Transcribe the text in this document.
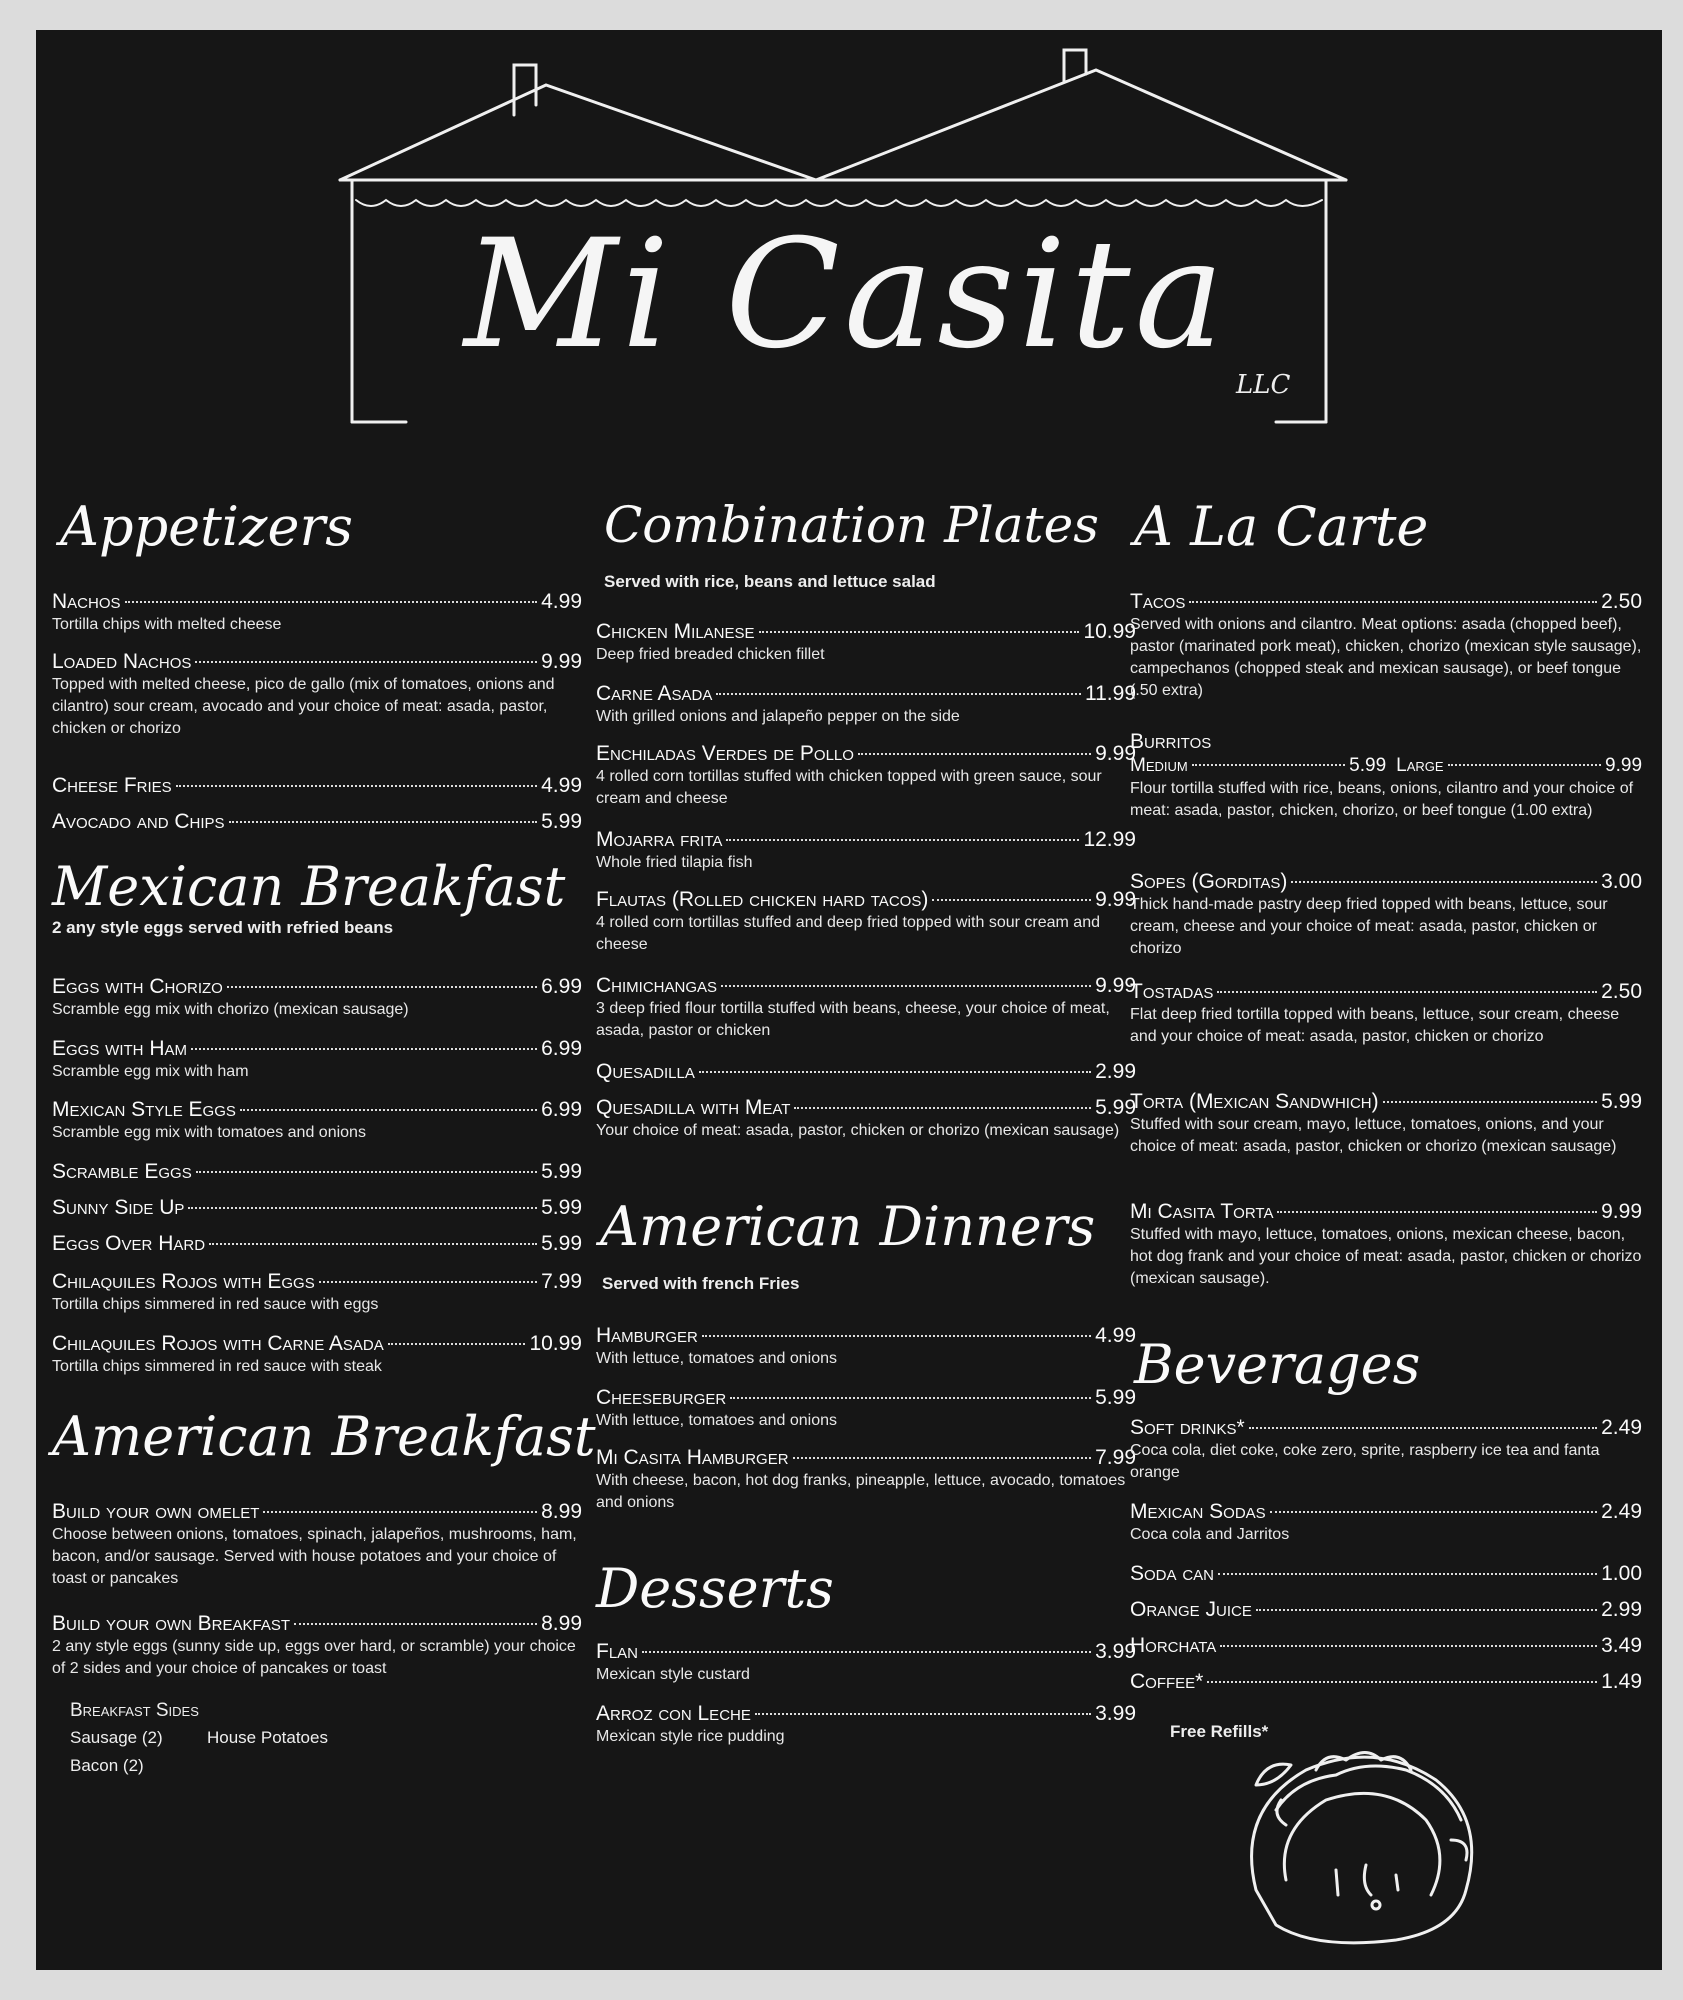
Mi Casita
LLC
Appetizers
Nachos	4.99
Tortilla chips with melted cheese
Loaded Nachos	9.99
Topped with melted cheese, pico de gallo (mix of tomatoes, onions and cilantro) sour cream, avocado and your choice of meat: asada, pastor, chicken or chorizo
Cheese Fries	4.99
Avocado and Chips	5.99
Mexican Breakfast
2 any style eggs served with refried beans
Eggs with Chorizo	6.99
Scramble egg mix with chorizo (mexican sausage)
Eggs with Ham	6.99
Scramble egg mix with ham
Mexican Style Eggs	6.99
Scramble egg mix with tomatoes and onions
Scramble Eggs	5.99
Sunny Side Up	5.99
Eggs Over Hard	5.99
Chilaquiles Rojos with Eggs	7.99
Tortilla chips simmered in red sauce with eggs
Chilaquiles Rojos with Carne Asada	10.99
Tortilla chips simmered in red sauce with steak
American Breakfast
Build your own omelet	8.99
Choose between onions, tomatoes, spinach, jalapeños, mushrooms, ham, bacon, and/or sausage. Served with house potatoes and your choice of toast or pancakes
Build your own Breakfast	8.99
2 any style eggs (sunny side up, eggs over hard, or scramble) your choice of 2 sides and your choice of pancakes or toast
Breakfast Sides
Sausage (2)	House Potatoes
Bacon (2)
Combination Plates
Served with rice, beans and lettuce salad
Chicken Milanese	10.99
Deep fried breaded chicken fillet
Carne Asada	11.99
With grilled onions and jalapeño pepper on the side
Enchiladas Verdes de Pollo	9.99
4 rolled corn tortillas stuffed with chicken topped with green sauce, sour cream and cheese
Mojarra frita	12.99
Whole fried tilapia fish
Flautas (Rolled chicken hard tacos)	9.99
4 rolled corn tortillas stuffed and deep fried topped with sour cream and cheese
Chimichangas	9.99
3 deep fried flour tortilla stuffed with beans, cheese, your choice of meat, asada, pastor or chicken
Quesadilla	2.99
Quesadilla with Meat	5.99
Your choice of meat: asada, pastor, chicken or chorizo (mexican sausage)
American Dinners
Served with french Fries
Hamburger	4.99
With lettuce, tomatoes and onions
Cheeseburger	5.99
With lettuce, tomatoes and onions
Mi Casita Hamburger	7.99
With cheese, bacon, hot dog franks, pineapple, lettuce, avocado, tomatoes and onions
Desserts
Flan	3.99
Mexican style custard
Arroz con Leche	3.99
Mexican style rice pudding
A La Carte
Tacos	2.50
Served with onions and cilantro. Meat options: asada (chopped beef), pastor (marinated pork meat), chicken, chorizo (mexican style sausage), campechanos (chopped steak and mexican sausage), or beef tongue (.50 extra)
Burritos
Medium	5.99 Large	9.99
Flour tortilla stuffed with rice, beans, onions, cilantro and your choice of meat: asada, pastor, chicken, chorizo, or beef tongue (1.00 extra)
Sopes (Gorditas)	3.00
Thick hand-made pastry deep fried topped with beans, lettuce, sour cream, cheese and your choice of meat: asada, pastor, chicken or chorizo
Tostadas	2.50
Flat deep fried tortilla topped with beans, lettuce, sour cream, cheese and your choice of meat: asada, pastor, chicken or chorizo
Torta (Mexican Sandwhich)	5.99
Stuffed with sour cream, mayo, lettuce, tomatoes, onions, and your choice of meat: asada, pastor, chicken or chorizo (mexican sausage)
Mi Casita Torta	9.99
Stuffed with mayo, lettuce, tomatoes, onions, mexican cheese, bacon, hot dog frank and your choice of meat: asada, pastor, chicken or chorizo (mexican sausage).
Beverages
Soft drinks*	2.49
Coca cola, diet coke, coke zero, sprite, raspberry ice tea and fanta orange
Mexican Sodas	2.49
Coca cola and Jarritos
Soda can	1.00
Orange Juice	2.99
Horchata	3.49
Coffee*	1.49
Free Refills*
